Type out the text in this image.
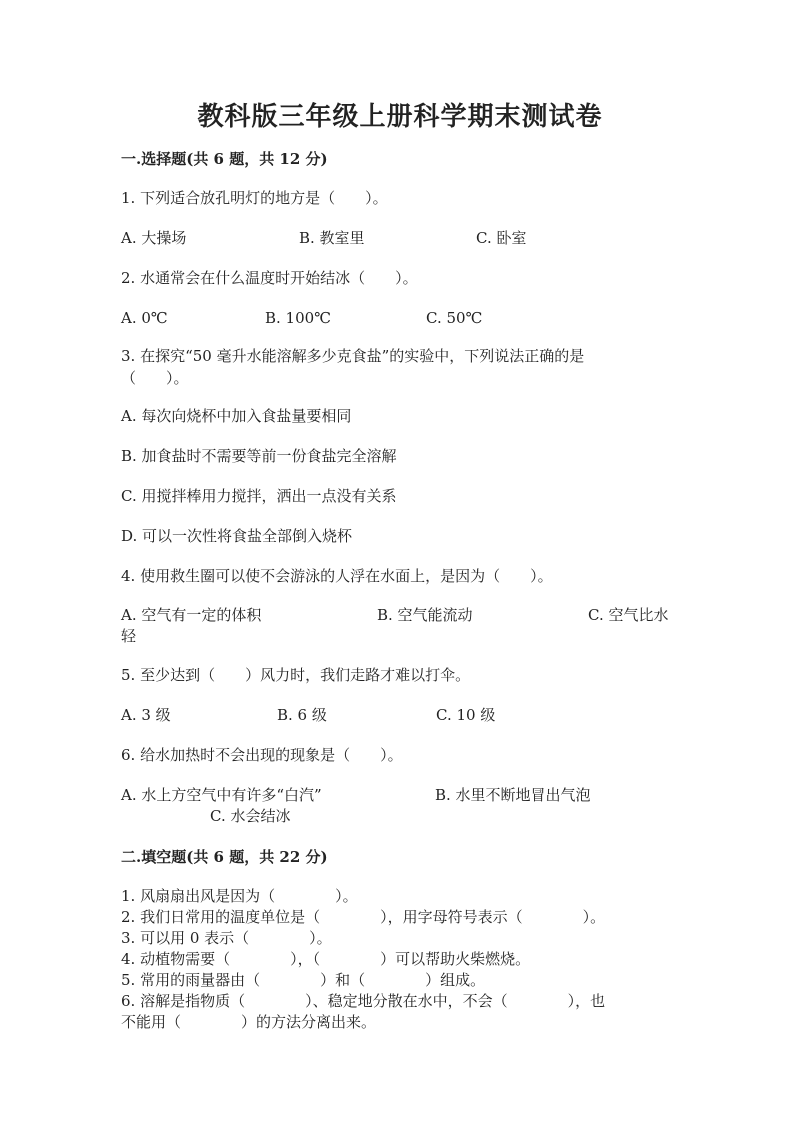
教科版三年级上册科学期末测试卷
一.选择题(共 6 题，共 12 分)
1. 下列适合放孔明灯的地方是（　　）。
A. 大操场	B. 教室里	C. 卧室
2. 水通常会在什么温度时开始结冰（　　）。
A. 0℃	B. 100℃	C. 50℃
3. 在探究“50 毫升水能溶解多少克食盐”的实验中，下列说法正确的是
（　　）。
A. 每次向烧杯中加入食盐量要相同
B. 加食盐时不需要等前一份食盐完全溶解
C. 用搅拌棒用力搅拌，洒出一点没有关系
D. 可以一次性将食盐全部倒入烧杯
4. 使用救生圈可以使不会游泳的人浮在水面上，是因为（　　）。
A. 空气有一定的体积	B. 空气能流动	C. 空气比水
轻
5. 至少达到（　　）风力时，我们走路才难以打伞。
A. 3 级	B. 6 级	C. 10 级
6. 给水加热时不会出现的现象是（　　）。
A. 水上方空气中有许多“白汽”	B. 水里不断地冒出气泡
C. 水会结冰
二.填空题(共 6 题，共 22 分)
1. 风扇扇出风是因为（　　　　）。
2. 我们日常用的温度单位是（　　　　），用字母符号表示（　　　　）。
3. 可以用 0 表示（　　　　）。
4. 动植物需要（　　　　），（　　　　）可以帮助火柴燃烧。
5. 常用的雨量器由（　　　　）和（　　　　）组成。
6. 溶解是指物质（　　　　）、稳定地分散在水中，不会（　　　　），也
不能用（　　　　）的方法分离出来。
